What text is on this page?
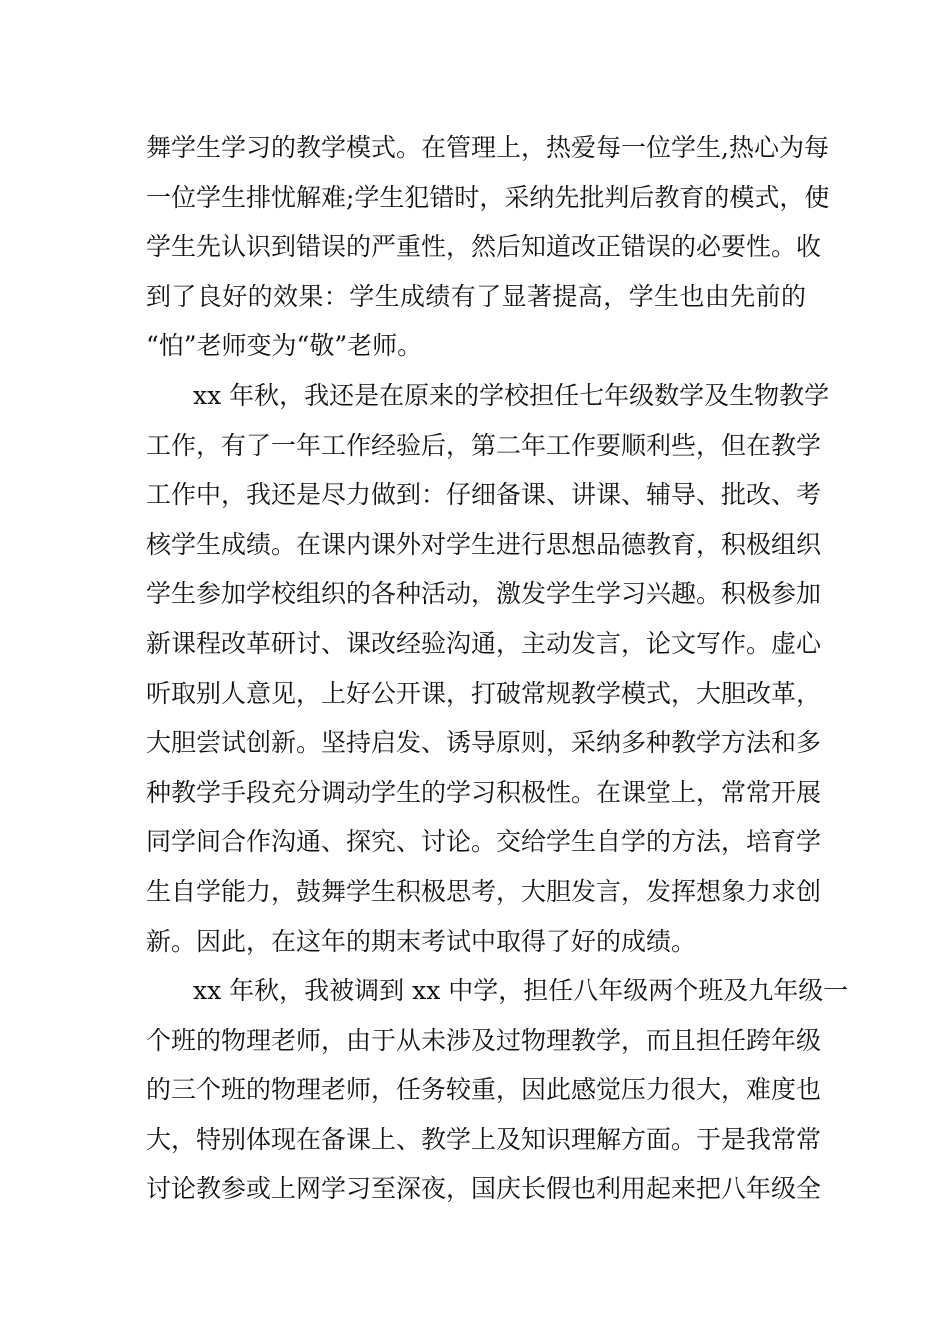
舞学生学习的教学模式。在管理上，热爱每一位学生,热心为每
一位学生排忧解难;学生犯错时，采纳先批判后教育的模式，使
学生先认识到错误的严重性，然后知道改正错误的必要性。收
到了良好的效果：学生成绩有了显著提高，学生也由先前的
“怕”老师变为“敬”老师。
xx 年秋，我还是在原来的学校担任七年级数学及生物教学
工作，有了一年工作经验后，第二年工作要顺利些，但在教学
工作中，我还是尽力做到：仔细备课、讲课、辅导、批改、考
核学生成绩。在课内课外对学生进行思想品德教育，积极组织
学生参加学校组织的各种活动，激发学生学习兴趣。积极参加
新课程改革研讨、课改经验沟通，主动发言，论文写作。虚心
听取别人意见，上好公开课，打破常规教学模式，大胆改革，
大胆尝试创新。坚持启发、诱导原则，采纳多种教学方法和多
种教学手段充分调动学生的学习积极性。在课堂上，常常开展
同学间合作沟通、探究、讨论。交给学生自学的方法，培育学
生自学能力，鼓舞学生积极思考，大胆发言，发挥想象力求创
新。因此，在这年的期末考试中取得了好的成绩。
xx 年秋，我被调到 xx 中学，担任八年级两个班及九年级一
个班的物理老师，由于从未涉及过物理教学，而且担任跨年级
的三个班的物理老师，任务较重，因此感觉压力很大，难度也
大，特别体现在备课上、教学上及知识理解方面。于是我常常
讨论教参或上网学习至深夜，国庆长假也利用起来把八年级全
